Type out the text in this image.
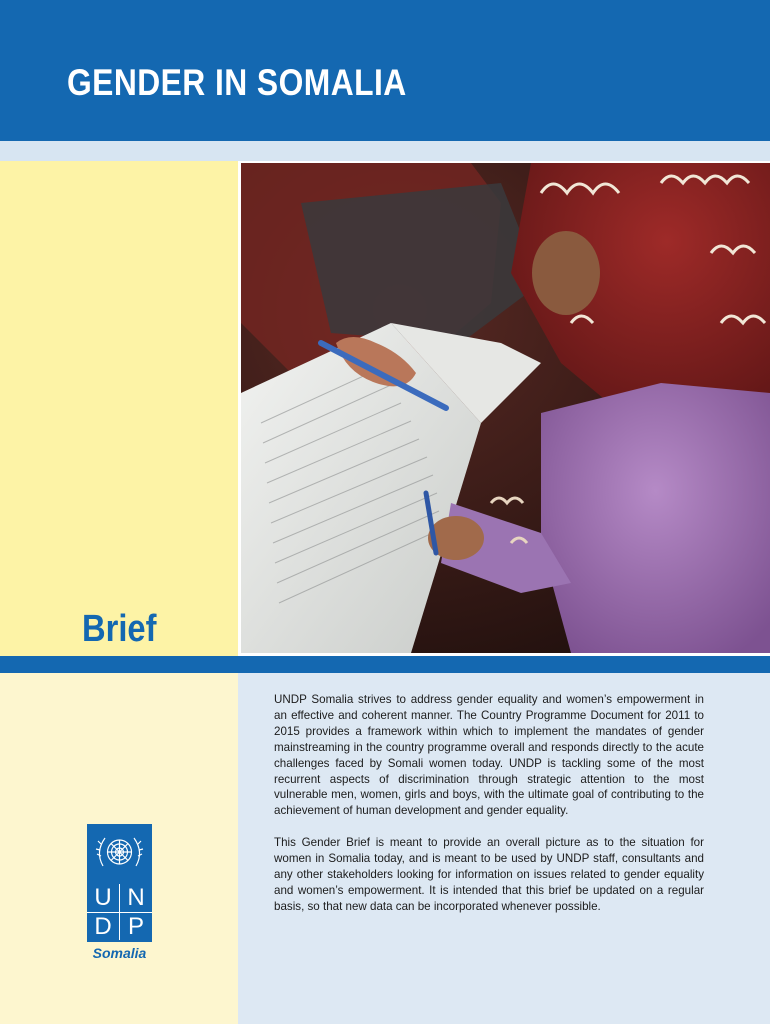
GENDER IN SOMALIA
Brief

UNDP Somalia strives to address gender equality and women’s empowerment in an effective and coherent manner. The Country Programme Document for 2011 to 2015 provides a framework within which to implement the mandates of gender mainstreaming in the country programme overall and responds directly to the acute challenges faced by Somali women today. UNDP is tackling some of the most recurrent aspects of discrimination through strategic attention to the most vulnerable men, women, girls and boys, with the ultimate goal of contributing to the achievement of human development and gender equality.

This Gender Brief is meant to provide an overall picture as to the situation for women in Somalia today, and is meant to be used by UNDP staff, consultants and any other stakeholders looking for information on issues related to gender equality and women’s empowerment. It is intended that this brief be updated on a regular basis, so that new data can be incorporated whenever possible.

U N
D P
Somalia
